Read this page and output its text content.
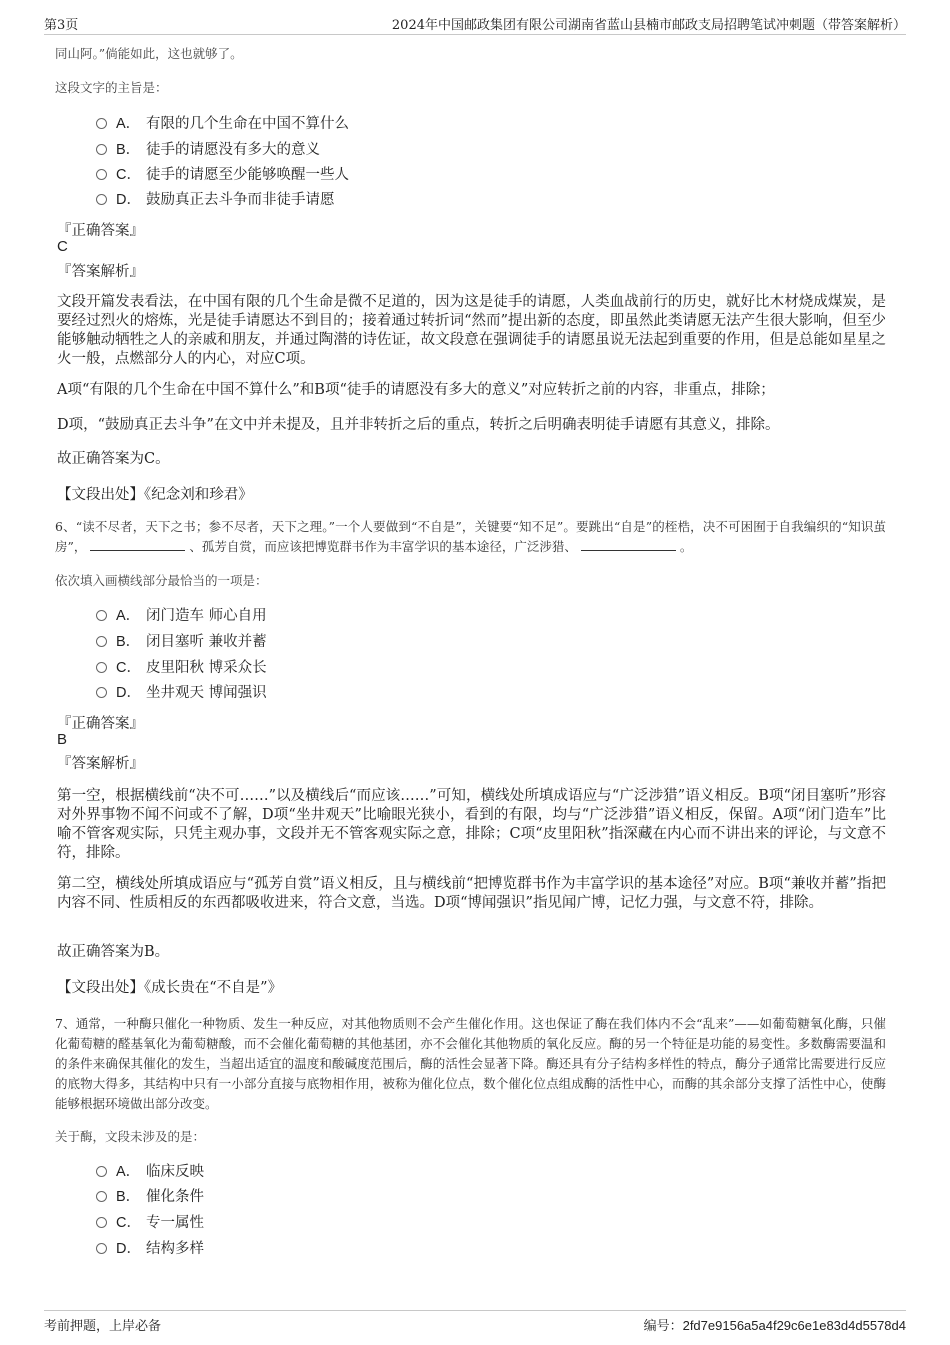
第3页	2024年中国邮政集团有限公司湖南省蓝山县楠市邮政支局招聘笔试冲刺题（带答案解析）
同山阿。”倘能如此，这也就够了。
这段文字的主旨是：
A． 有限的几个生命在中国不算什么
B． 徒手的请愿没有多大的意义
C． 徒手的请愿至少能够唤醒一些人
D． 鼓励真正去斗争而非徒手请愿
『正确答案』
C
『答案解析』
文段开篇发表看法，在中国有限的几个生命是微不足道的，因为这是徒手的请愿，人类血战前行的历史，就好比木材烧成煤炭，是要经过烈火的熔炼，光是徒手请愿达不到目的；接着通过转折词“然而”提出新的态度，即虽然此类请愿无法产生很大影响，但至少能够触动牺牲之人的亲戚和朋友，并通过陶潜的诗佐证，故文段意在强调徒手的请愿虽说无法起到重要的作用，但是总能如星星之火一般，点燃部分人的内心，对应C项。
A项“有限的几个生命在中国不算什么”和B项“徒手的请愿没有多大的意义”对应转折之前的内容，非重点，排除；
D项，“鼓励真正去斗争”在文中并未提及，且并非转折之后的重点，转折之后明确表明徒手请愿有其意义，排除。
故正确答案为C。
【文段出处】《纪念刘和珍君》
6、“读不尽者，天下之书；参不尽者，天下之理。”一个人要做到“不自是”，关键要“知不足”。要跳出“自是”的桎梏，决不可困囿于自我编织的“知识茧房”，	、孤芳自赏，而应该把博览群书作为丰富学识的基本途径，广泛涉猎、	。
依次填入画横线部分最恰当的一项是：
A． 闭门造车 师心自用
B． 闭目塞听 兼收并蓄
C． 皮里阳秋 博采众长
D． 坐井观天 博闻强识
『正确答案』
B
『答案解析』
第一空，根据横线前“决不可……”以及横线后“而应该……”可知，横线处所填成语应与“广泛涉猎”语义相反。B项“闭目塞听”形容对外界事物不闻不问或不了解，D项“坐井观天”比喻眼光狭小，看到的有限，均与“广泛涉猎”语义相反，保留。A项“闭门造车”比喻不管客观实际，只凭主观办事，文段并无不管客观实际之意，排除；C项“皮里阳秋”指深藏在内心而不讲出来的评论，与文意不符，排除。
第二空，横线处所填成语应与“孤芳自赏”语义相反，且与横线前“把博览群书作为丰富学识的基本途径”对应。B项“兼收并蓄”指把内容不同、性质相反的东西都吸收进来，符合文意，当选。D项“博闻强识”指见闻广博，记忆力强，与文意不符，排除。
故正确答案为B。
【文段出处】《成长贵在“不自是”》
7、通常，一种酶只催化一种物质、发生一种反应，对其他物质则不会产生催化作用。这也保证了酶在我们体内不会“乱来”——如葡萄糖氧化酶，只催化葡萄糖的醛基氧化为葡萄糖酸，而不会催化葡萄糖的其他基团，亦不会催化其他物质的氧化反应。酶的另一个特征是功能的易变性。多数酶需要温和的条件来确保其催化的发生，当超出适宜的温度和酸碱度范围后，酶的活性会显著下降。酶还具有分子结构多样性的特点，酶分子通常比需要进行反应的底物大得多，其结构中只有一小部分直接与底物相作用，被称为催化位点，数个催化位点组成酶的活性中心，而酶的其余部分支撑了活性中心，使酶能够根据环境做出部分改变。
关于酶，文段未涉及的是：
A． 临床反映
B． 催化条件
C． 专一属性
D． 结构多样
考前押题，上岸必备	编号：2fd7e9156a5a4f29c6e1e83d4d5578d4
